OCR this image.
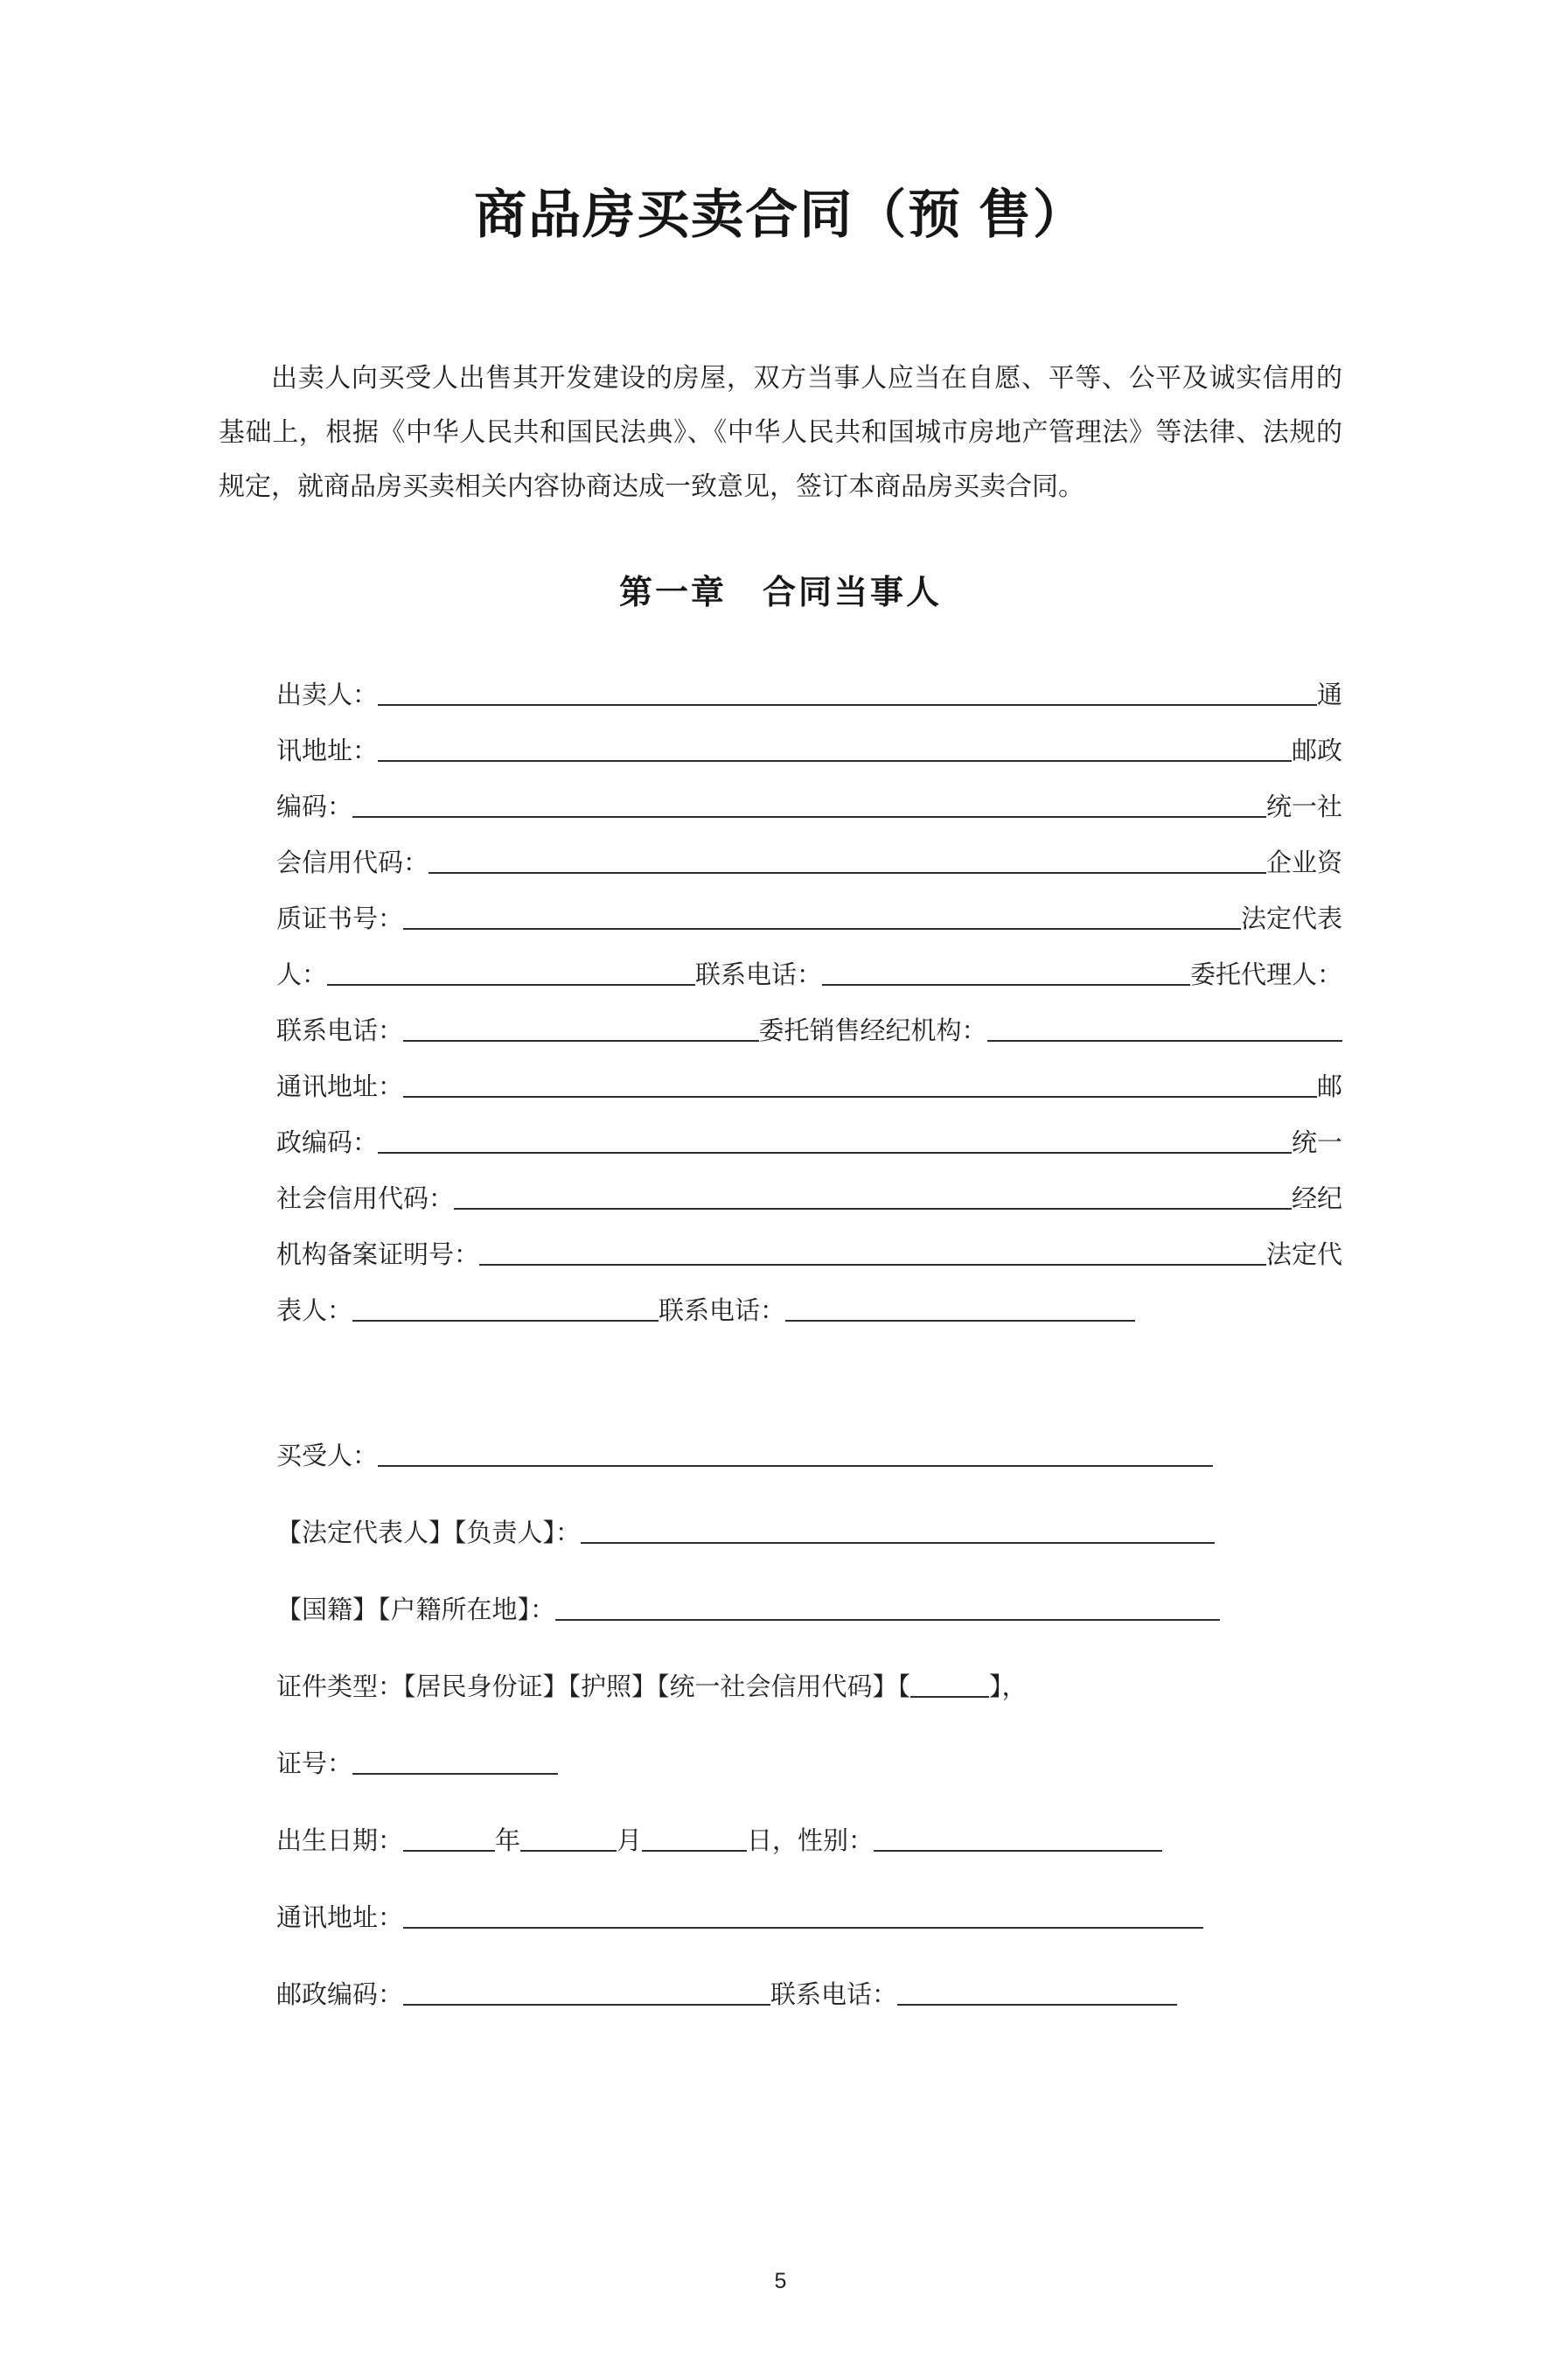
商品房买卖合同（预 售）

出卖人向买受人出售其开发建设的房屋，双方当事人应当在自愿、平等、公平及诚实信用的基础上，根据《中华人民共和国民法典》、《中华人民共和国城市房地产管理法》等法律、法规的规定，就商品房买卖相关内容协商达成一致意见，签订本商品房买卖合同。

第一章　合同当事人
出卖人：	通
讯地址：	邮政
编码：	统一社
会信用代码：	企业资
质证书号：	法定代表
人：	联系电话：	委托代理人：
联系电话：	委托销售经纪机构：
通讯地址：	邮
政编码：	统一
社会信用代码：	经纪
机构备案证明号：	法定代
表人：	联系电话：
买受人：
【法定代表人】【负责人】：
【国籍】【户籍所在地】：
证件类型：【居民身份证】【护照】【统一社会信用代码】【	】，
证号：
出生日期：	年	月	日，性别：
通讯地址：
邮政编码：	联系电话：
5
